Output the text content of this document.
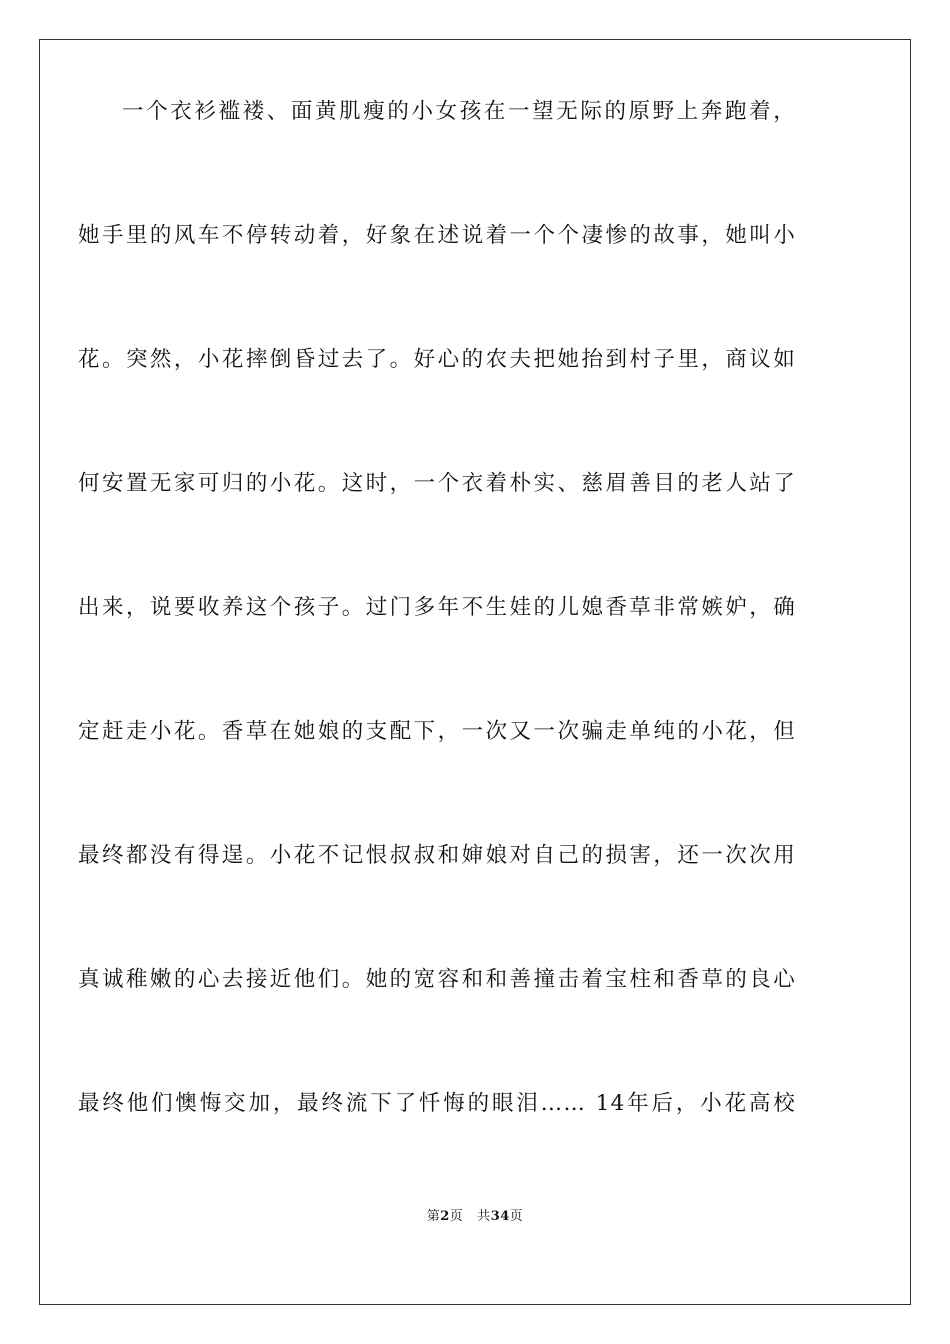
一个衣衫褴褛、面黄肌瘦的小女孩在一望无际的原野上奔跑着，
她手里的风车不停转动着，好象在述说着一个个凄惨的故事，她叫小
花。突然，小花摔倒昏过去了。好心的农夫把她抬到村子里，商议如
何安置无家可归的小花。这时，一个衣着朴实、慈眉善目的老人站了
出来，说要收养这个孩子。过门多年不生娃的儿媳香草非常嫉妒，确
定赶走小花。香草在她娘的支配下，一次又一次骗走单纯的小花，但
最终都没有得逞。小花不记恨叔叔和婶娘对自己的损害，还一次次用
真诚稚嫩的心去接近他们。她的宽容和和善撞击着宝柱和香草的良心
最终他们懊悔交加，最终流下了忏悔的眼泪…… 14年后，小花高校
第2页 共34页
